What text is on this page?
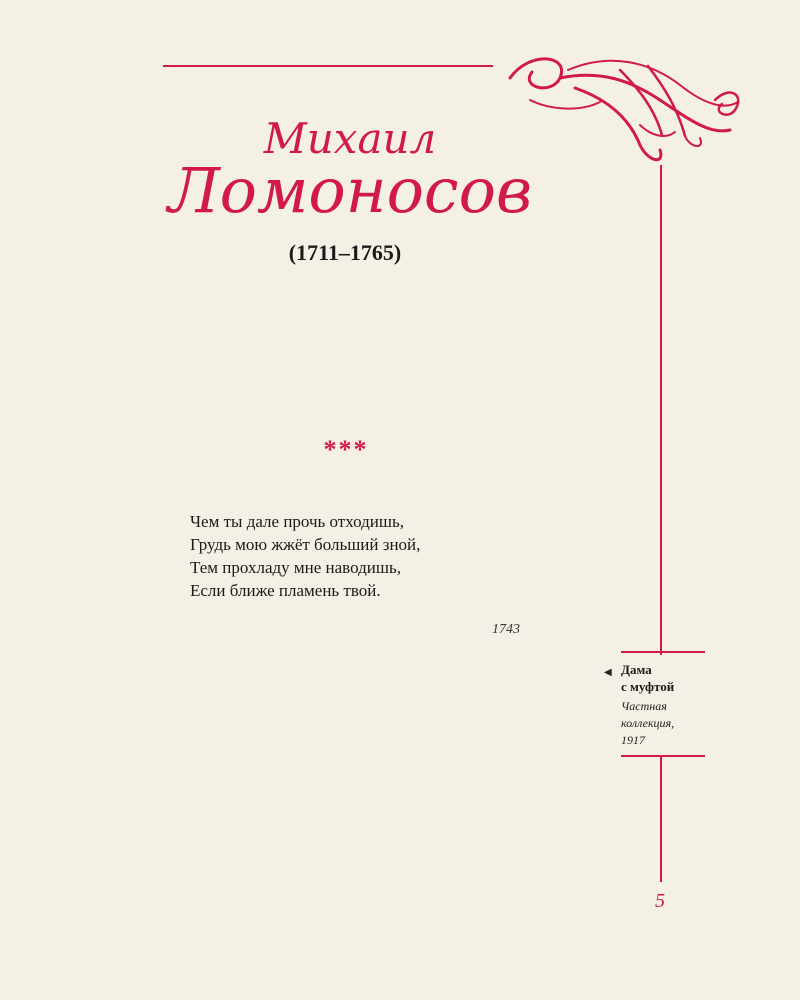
Михаил
Ломоносов
(1711–1765)
***
Чем ты дале прочь отходишь,
Грудь мою жжёт больший зной,
Тем прохладу мне наводишь,
Если ближе пламень твой.
1743
◀ Дама
с муфтой
Частная
коллекция,
1917
5
